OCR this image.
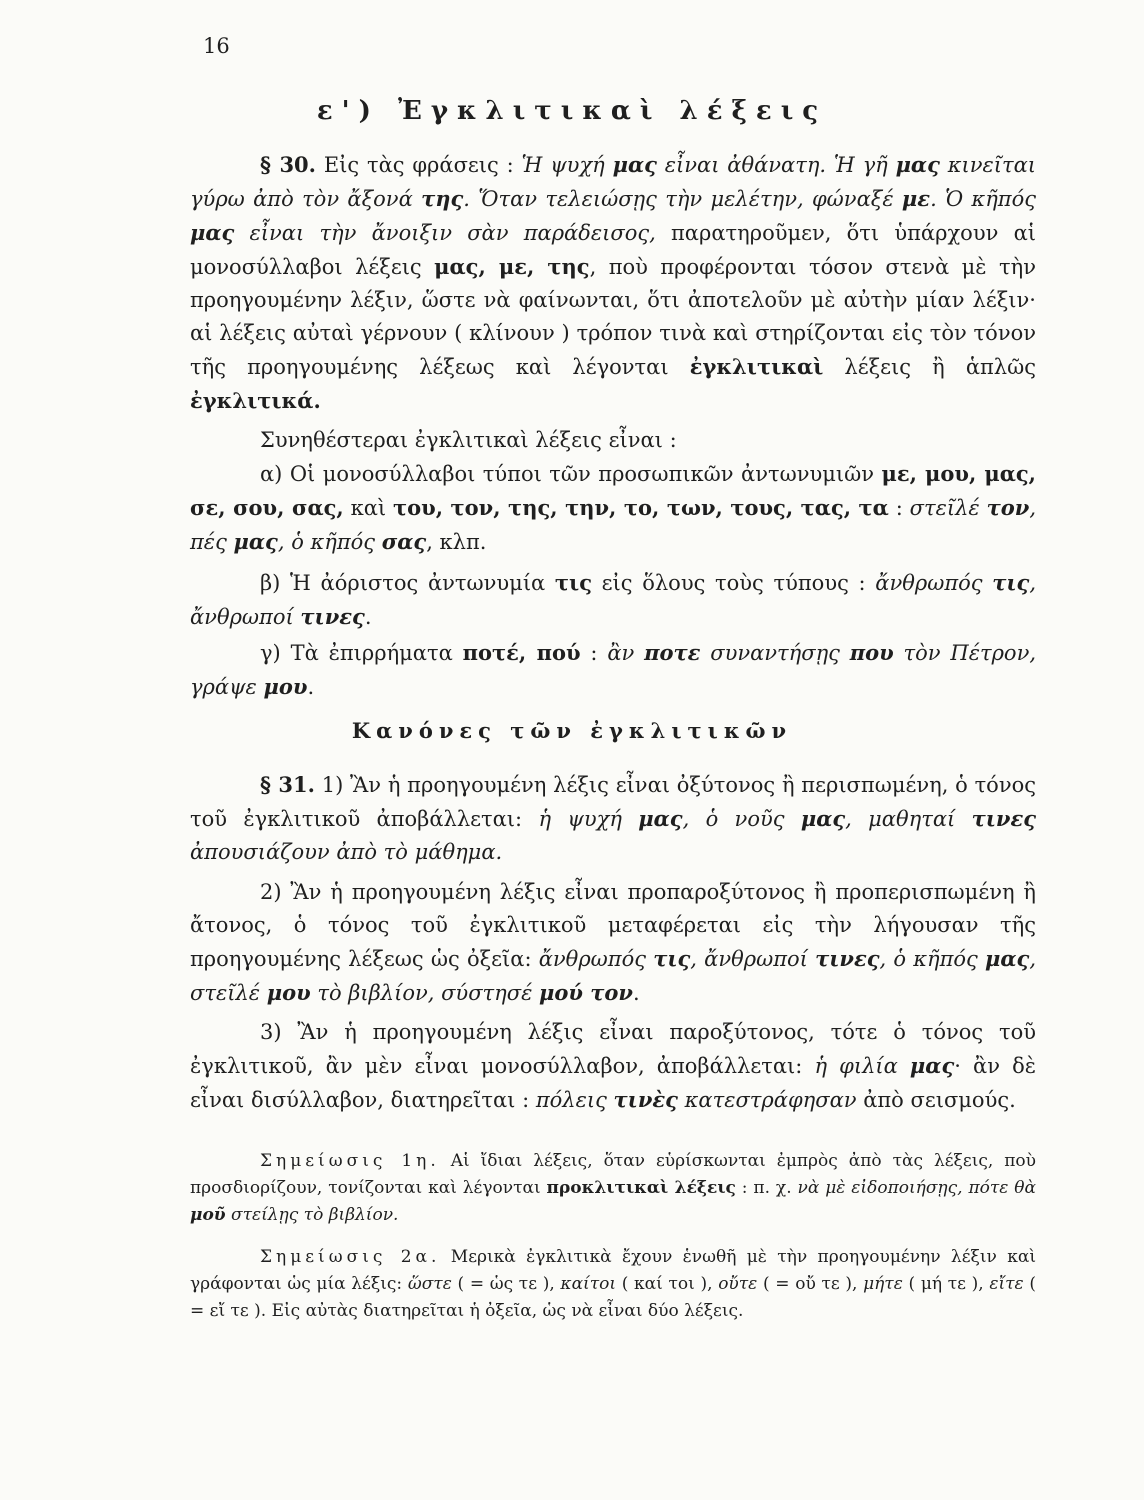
16
ε') Ἐγκλιτικαὶ λέξεις
§ 30. Εἰς τὰς φράσεις : Ἡ ψυχή μας εἶναι ἀθάνατη. Ἡ γῆ μας κινεῖται γύρω ἀπὸ τὸν ἄξονά της. Ὅταν τελειώσῃς τὴν μελέτην, φώναξέ με. Ὁ κῆπός μας εἶναι τὴν ἄνοιξιν σὰν παράδεισος, παρατηροῦμεν, ὅτι ὑπάρχουν αἱ μονοσύλλαβοι λέξεις μας, με, της, ποὺ προφέρονται τόσον στενὰ μὲ τὴν προηγουμένην λέξιν, ὥστε νὰ φαίνωνται, ὅτι ἀποτελοῦν μὲ αὐτὴν μίαν λέξιν· αἱ λέξεις αὐταὶ γέρνουν ( κλίνουν ) τρόπον τινὰ καὶ στηρίζονται εἰς τὸν τόνον τῆς προηγουμένης λέξεως καὶ λέγονται ἐγκλιτικαὶ λέξεις ἢ ἁπλῶς ἐγκλιτικά.
Συνηθέστεραι ἐγκλιτικαὶ λέξεις εἶναι :
α) Οἱ μονοσύλλαβοι τύποι τῶν προσωπικῶν ἀντωνυμιῶν με, μου, μας, σε, σου, σας, καὶ του, τον, της, την, το, των, τους, τας, τα : στεῖλέ τον, πές μας, ὁ κῆπός σας, κλπ.
β) Ἡ ἀόριστος ἀντωνυμία τις εἰς ὅλους τοὺς τύπους : ἄνθρωπός τις, ἄνθρωποί τινες.
γ) Τὰ ἐπιρρήματα ποτέ, πού : ἂν ποτε συναντήσῃς που τὸν Πέτρον, γράψε μου.
Κανόνες τῶν ἐγκλιτικῶν
§ 31. 1) Ἂν ἡ προηγουμένη λέξις εἶναι ὀξύτονος ἢ περισπωμένη, ὁ τόνος τοῦ ἐγκλιτικοῦ ἀποβάλλεται: ἡ ψυχή μας, ὁ νοῦς μας, μαθηταί τινες ἀπουσιάζουν ἀπὸ τὸ μάθημα.
2) Ἂν ἡ προηγουμένη λέξις εἶναι προπαροξύτονος ἢ προπερισπωμένη ἢ ἄτονος, ὁ τόνος τοῦ ἐγκλιτικοῦ μεταφέρεται εἰς τὴν λήγουσαν τῆς προηγουμένης λέξεως ὡς ὀξεῖα: ἄνθρωπός τις, ἄνθρωποί τινες, ὁ κῆπός μας, στεῖλέ μου τὸ βιβλίον, σύστησέ μού τον.
3) Ἂν ἡ προηγουμένη λέξις εἶναι παροξύτονος, τότε ὁ τόνος τοῦ ἐγκλιτικοῦ, ἂν μὲν εἶναι μονοσύλλαβον, ἀποβάλλεται: ἡ φιλία μας· ἂν δὲ εἶναι δισύλλαβον, διατηρεῖται : πόλεις τινὲς κατεστράφησαν ἀπὸ σεισμούς.
Σημείωσις 1η. Αἱ ἴδιαι λέξεις, ὅταν εὑρίσκωνται ἐμπρὸς ἀπὸ τὰς λέξεις, ποὺ προσδιορίζουν, τονίζονται καὶ λέγονται προκλιτικαὶ λέξεις : π. χ. νὰ μὲ εἰδοποιήσῃς, πότε θὰ μοῦ στείλῃς τὸ βιβλίον.
Σημείωσις 2α. Μερικὰ ἐγκλιτικὰ ἔχουν ἑνωθῆ μὲ τὴν προηγουμένην λέξιν καὶ γράφονται ὡς μία λέξις: ὥστε ( = ὡς τε ), καίτοι ( καί τοι ), οὔτε ( = οὔ τε ), μήτε ( μή τε ), εἴτε ( = εἴ τε ). Εἰς αὐτὰς διατηρεῖται ἡ ὀξεῖα, ὡς νὰ εἶναι δύο λέξεις.
